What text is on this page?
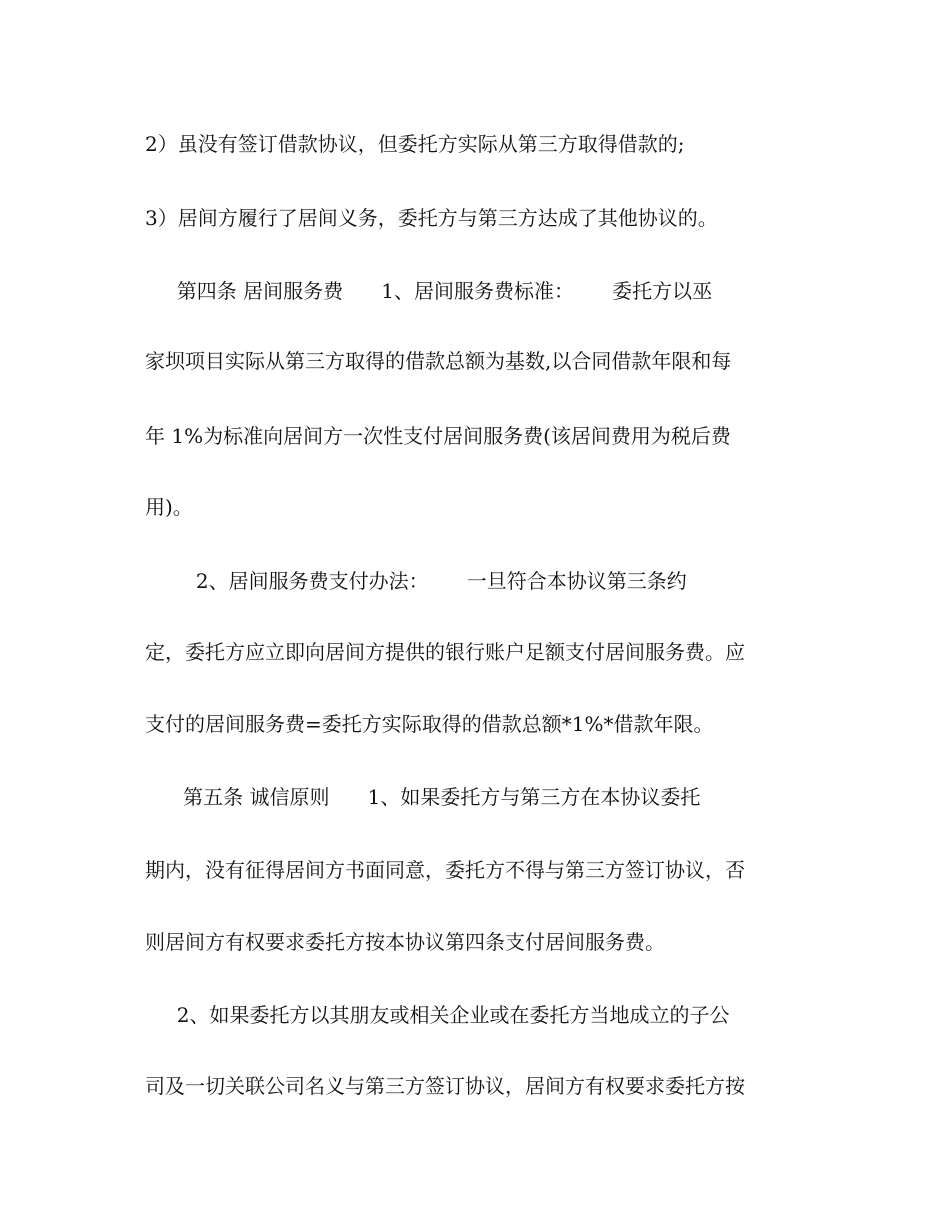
2）虽没有签订借款协议，但委托方实际从第三方取得借款的;
3）居间方履行了居间义务，委托方与第三方达成了其他协议的。
第四条 居间服务费      1、居间服务费标准：      委托方以巫
家坝项目实际从第三方取得的借款总额为基数,以合同借款年限和每
年 1%为标准向居间方一次性支付居间服务费(该居间费用为税后费
用)。
2、居间服务费支付办法：      一旦符合本协议第三条约
定，委托方应立即向居间方提供的银行账户足额支付居间服务费。应
支付的居间服务费=委托方实际取得的借款总额*1%*借款年限。
第五条 诚信原则      1、如果委托方与第三方在本协议委托
期内，没有征得居间方书面同意，委托方不得与第三方签订协议，否
则居间方有权要求委托方按本协议第四条支付居间服务费。
2、如果委托方以其朋友或相关企业或在委托方当地成立的子公
司及一切关联公司名义与第三方签订协议，居间方有权要求委托方按
